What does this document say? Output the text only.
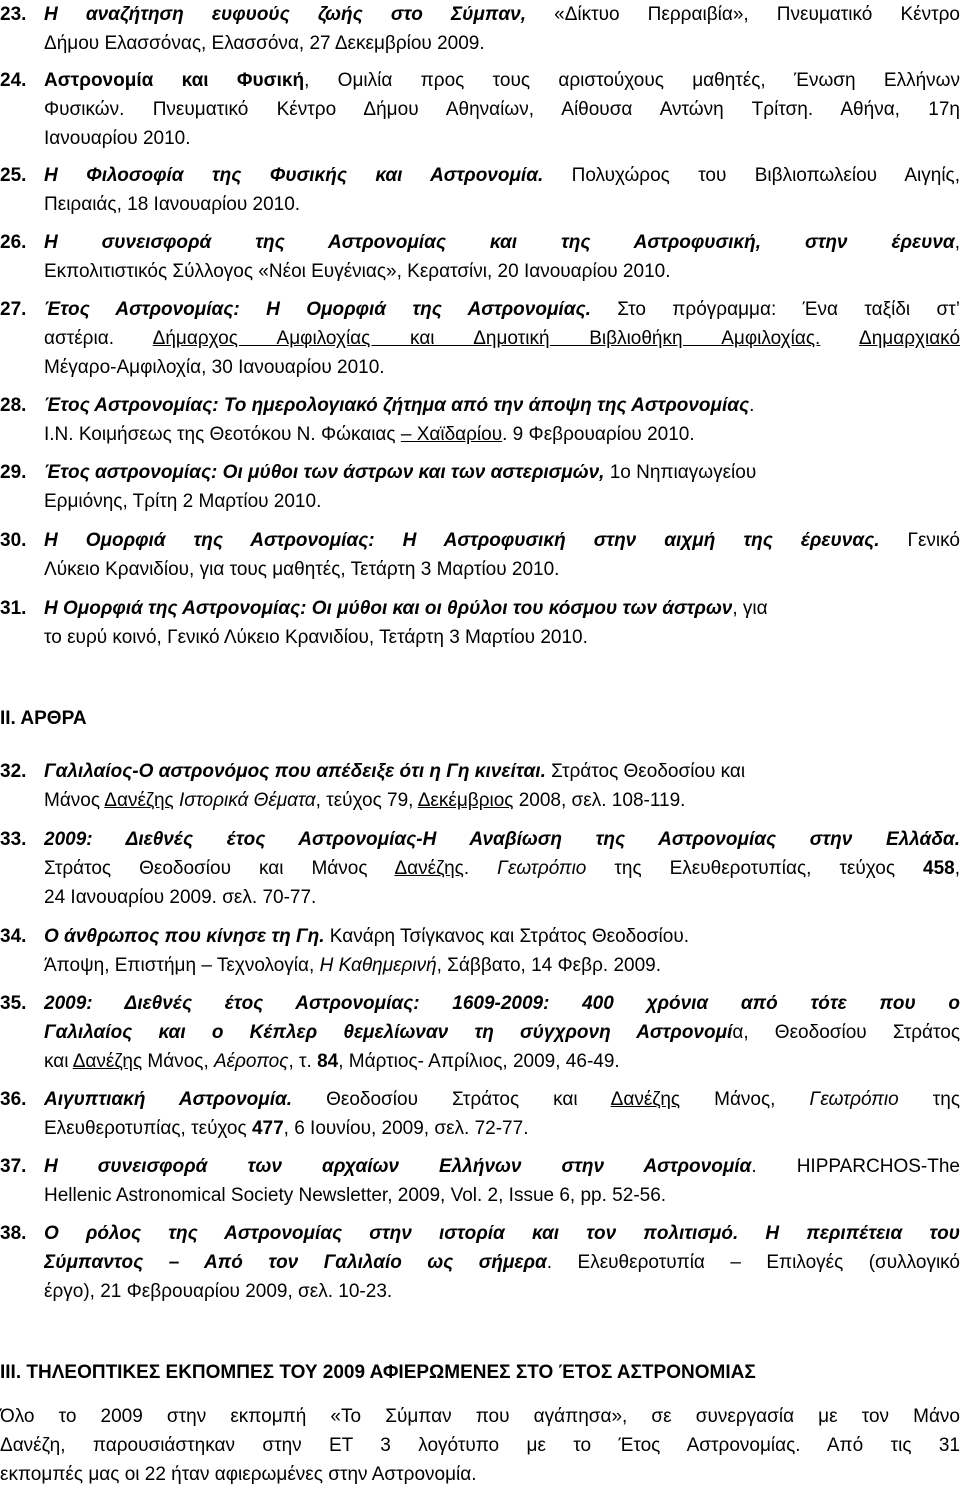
23. Η αναζήτηση ευφυούς ζωής στο Σύμπαν, «Δίκτυο Περραιβία», Πνευματικό Κέντρο
Δήμου Ελασσόνας, Ελασσόνα, 27 Δεκεμβρίου 2009.
24. Αστρονομία και Φυσική, Ομιλία προς τους αριστούχους μαθητές, Ένωση Ελλήνων
Φυσικών. Πνευματικό Κέντρο Δήμου Αθηναίων, Αίθουσα Αντώνη Τρίτση. Αθήνα, 17η
Ιανουαρίου 2010.
25. Η Φιλοσοφία της Φυσικής και Αστρονομία. Πολυχώρος του Βιβλιοπωλείου Αιγηίς,
Πειραιάς, 18 Ιανουαρίου 2010.
26. Η συνεισφορά της Αστρονομίας και της Αστροφυσική, στην έρευνα,
Εκπολιτιστικός Σύλλογος «Νέοι Ευγένιας», Κερατσίνι, 20 Ιανουαρίου 2010.
27. Έτος Αστρονομίας: Η Ομορφιά της Αστρονομίας. Στο πρόγραμμα: Ένα ταξίδι στ’
αστέρια. Δήμαρχος Αμφιλοχίας και Δημοτική Βιβλιοθήκη Αμφιλοχίας. Δημαρχιακό
Μέγαρο-Αμφιλοχία, 30 Ιανουαρίου 2010.
28. Έτος Αστρονομίας: Το ημερολογιακό ζήτημα από την άποψη της Αστρονομίας.
Ι.Ν. Κοιμήσεως της Θεοτόκου Ν. Φώκαιας – Χαϊδαρίου. 9 Φεβρουαρίου 2010.
29. Έτος αστρονομίας: Οι μύθοι των άστρων και των αστερισμών, 1ο Νηπιαγωγείου
Ερμιόνης, Τρίτη 2 Μαρτίου 2010.
30. Η Ομορφιά της Αστρονομίας: Η Αστροφυσική στην αιχμή της έρευνας. Γενικό
Λύκειο Κρανιδίου, για τους μαθητές, Τετάρτη 3 Μαρτίου 2010.
31. Η Ομορφιά της Αστρονομίας: Οι μύθοι και οι θρύλοι του κόσμου των άστρων, για
το ευρύ κοινό, Γενικό Λύκειο Κρανιδίου, Τετάρτη 3 Μαρτίου 2010.
ΙΙ. ΑΡΘΡΑ
32. Γαλιλαίος-Ο αστρονόμος που απέδειξε ότι η Γη κινείται. Στράτος Θεοδοσίου και
Μάνος Δανέζης Ιστορικά Θέματα, τεύχος 79, Δεκέμβριος 2008, σελ. 108-119.
33. 2009: Διεθνές έτος Αστρονομίας-Η Αναβίωση της Αστρονομίας στην Ελλάδα.
Στράτος Θεοδοσίου και Μάνος Δανέζης. Γεωτρόπιο της Ελευθεροτυπίας, τεύχος 458,
24 Ιανουαρίου 2009. σελ. 70-77.
34. Ο άνθρωπος που κίνησε τη Γη. Κανάρη Τσίγκανος και Στράτος Θεοδοσίου.
Άποψη, Επιστήμη – Τεχνολογία, Η Καθημερινή, Σάββατο, 14 Φεβρ. 2009.
35. 2009: Διεθνές έτος Αστρονομίας: 1609-2009: 400 χρόνια από τότε που ο
Γαλιλαίος και ο Κέπλερ θεμελίωναν τη σύγχρονη Αστρονομία, Θεοδοσίου Στράτος
και Δανέζης Μάνος, Αέροπος, τ. 84, Μάρτιος- Απρίλιος, 2009, 46-49.
36. Αιγυπτιακή Αστρονομία. Θεοδοσίου Στράτος και Δανέζης Μάνος, Γεωτρόπιο της
Ελευθεροτυπίας, τεύχος 477, 6 Ιουνίου, 2009, σελ. 72-77.
37. Η συνεισφορά των αρχαίων Ελλήνων στην Αστρονομία. HIPPARCHOS-The
Hellenic Astronomical Society Newsletter, 2009, Vol. 2, Issue 6, pp. 52-56.
38. Ο ρόλος της Αστρονομίας στην ιστορία και τον πολιτισμό. Η περιπέτεια του
Σύμπαντος – Από τον Γαλιλαίο ως σήμερα. Ελευθεροτυπία – Επιλογές (συλλογικό
έργο), 21 Φεβρουαρίου 2009, σελ. 10-23.
ΙΙΙ. ΤΗΛΕΟΠΤΙΚΕΣ ΕΚΠΟΜΠΕΣ ΤΟΥ 2009 ΑΦΙΕΡΩΜΕΝΕΣ ΣΤΟ ΈΤΟΣ ΑΣΤΡΟΝΟΜΙΑΣ
Όλο το 2009 στην εκπομπή «Το Σύμπαν που αγάπησα», σε συνεργασία με τον Μάνο
Δανέζη, παρουσιάστηκαν στην ΕΤ 3 λογότυπο με το Έτος Αστρονομίας. Από τις 31
εκπομπές μας οι 22 ήταν αφιερωμένες στην Αστρονομία.
